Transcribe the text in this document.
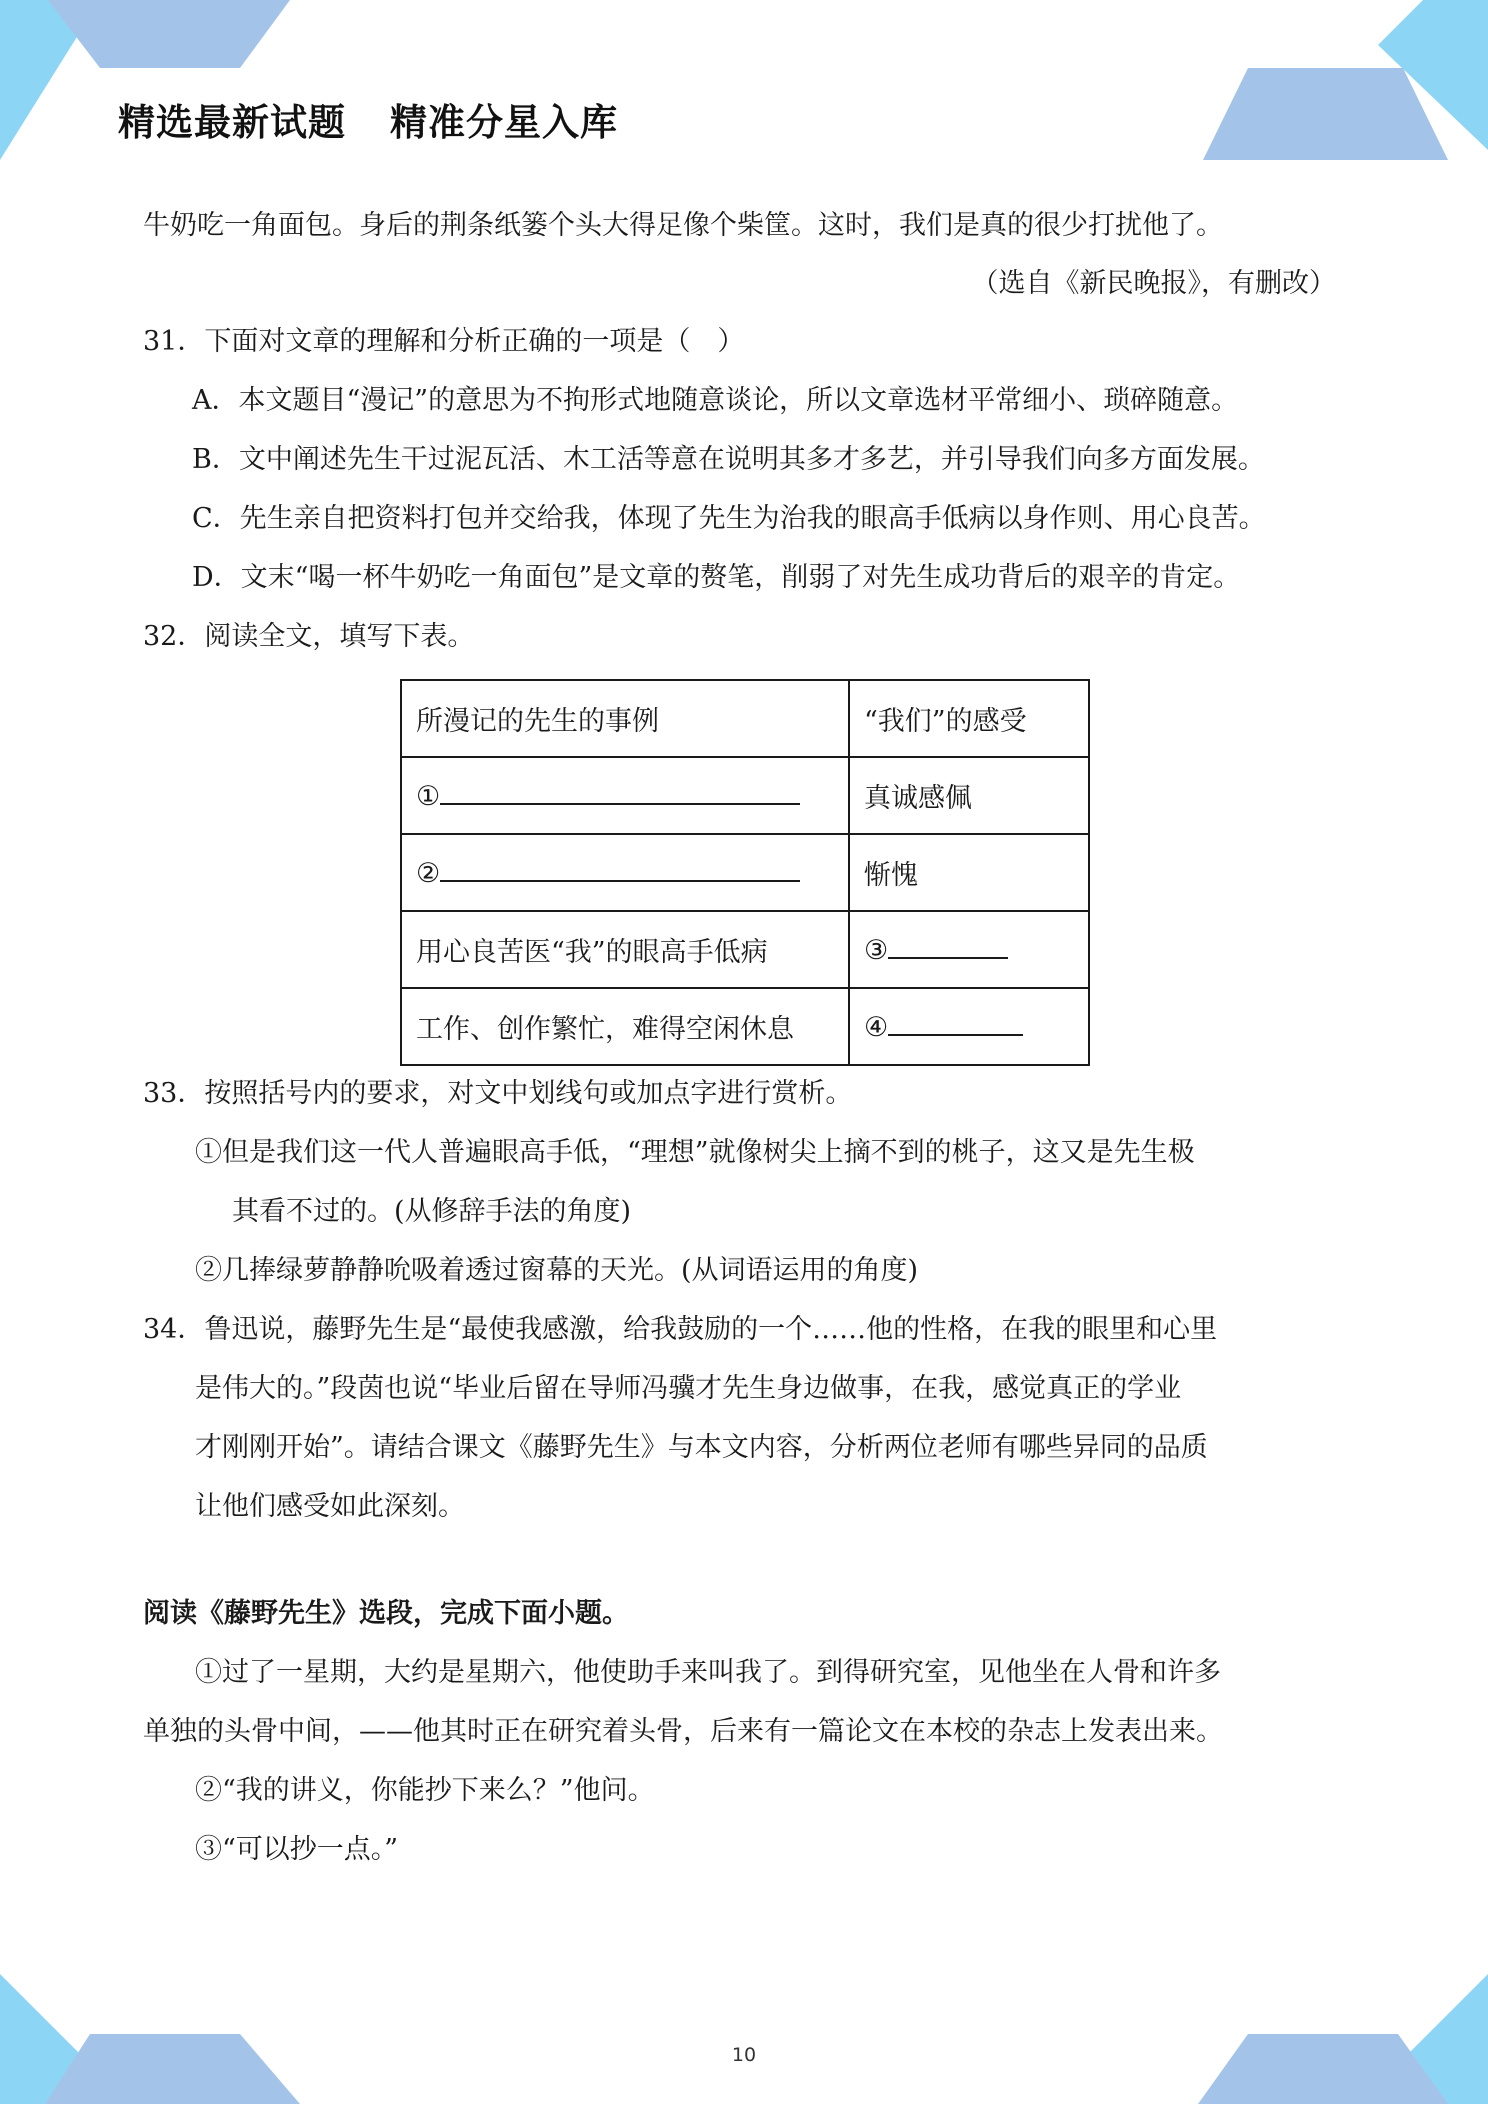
精选最新试题 精准分星入库
牛奶吃一角面包。身后的荆条纸篓个头大得足像个柴筐。这时，我们是真的很少打扰他了。
（选自《新民晚报》，有删改）
31．下面对文章的理解和分析正确的一项是（　）
A．本文题目“漫记”的意思为不拘形式地随意谈论，所以文章选材平常细小、琐碎随意。
B．文中阐述先生干过泥瓦活、木工活等意在说明其多才多艺，并引导我们向多方面发展。
C．先生亲自把资料打包并交给我，体现了先生为治我的眼高手低病以身作则、用心良苦。
D．文末“喝一杯牛奶吃一角面包”是文章的赘笔，削弱了对先生成功背后的艰辛的肯定。
32．阅读全文，填写下表。
所漫记的先生的事例	“我们”的感受
①	真诚感佩
②	惭愧
用心良苦医“我”的眼高手低病	③
工作、创作繁忙，难得空闲休息	④
33．按照括号内的要求，对文中划线句或加点字进行赏析。
①但是我们这一代人普遍眼高手低，“理想”就像树尖上摘不到的桃子，这又是先生极
其看不过的。(从修辞手法的角度)
②几捧绿萝静静吮吸着透过窗幕的天光。(从词语运用的角度)
34．鲁迅说，藤野先生是“最使我感激，给我鼓励的一个……他的性格，在我的眼里和心里
是伟大的。”段茵也说“毕业后留在导师冯骥才先生身边做事，在我，感觉真正的学业
才刚刚开始”。请结合课文《藤野先生》与本文内容，分析两位老师有哪些异同的品质
让他们感受如此深刻。
阅读《藤野先生》选段，完成下面小题。
①过了一星期，大约是星期六，他使助手来叫我了。到得研究室，见他坐在人骨和许多
单独的头骨中间，——他其时正在研究着头骨，后来有一篇论文在本校的杂志上发表出来。
②“我的讲义，你能抄下来么？”他问。
③“可以抄一点。”
10
